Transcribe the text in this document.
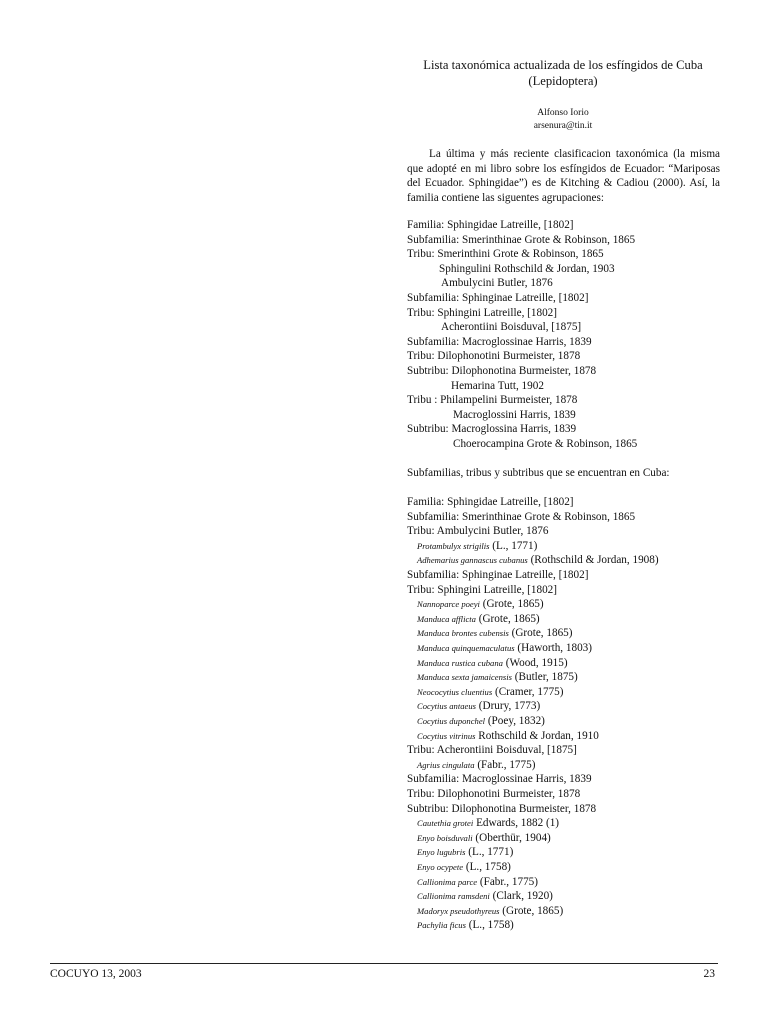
Lista taxonómica actualizada de los esfíngidos de Cuba (Lepidoptera)
Alfonso Iorio
arsenura@tin.it
La última y más reciente clasificacion taxonómica (la misma que adopté en mi libro sobre los esfíngidos de Ecuador: “Mariposas del Ecuador. Sphingidae”) es de Kitching & Cadiou (2000). Así, la familia contiene las siguentes agrupaciones:
Familia: Sphingidae Latreille, [1802]
Subfamilia: Smerinthinae Grote & Robinson, 1865
Tribu: Smerinthini Grote & Robinson, 1865
Sphingulini Rothschild & Jordan, 1903
Ambulycini Butler, 1876
Subfamilia: Sphinginae Latreille, [1802]
Tribu: Sphingini Latreille, [1802]
Acherontiini Boisduval, [1875]
Subfamilia: Macroglossinae Harris, 1839
Tribu: Dilophonotini Burmeister, 1878
Subtribu: Dilophonotina Burmeister, 1878
Hemarina Tutt, 1902
Tribu : Philampelini Burmeister, 1878
Macroglossini Harris, 1839
Subtribu: Macroglossina Harris, 1839
Choerocampina Grote & Robinson, 1865
Subfamilias, tribus y subtribus que se encuentran en Cuba:
Familia: Sphingidae Latreille, [1802]
Subfamilia: Smerinthinae Grote & Robinson, 1865
Tribu: Ambulycini Butler, 1876
Protambulyx strigilis (L., 1771)
Adhemarius gannascus cubanus (Rothschild & Jordan, 1908)
Subfamilia: Sphinginae Latreille, [1802]
Tribu: Sphingini Latreille, [1802]
Nannoparce poeyi (Grote, 1865)
Manduca afflicta (Grote, 1865)
Manduca brontes cubensis (Grote, 1865)
Manduca quinquemaculatus (Haworth, 1803)
Manduca rustica cubana (Wood, 1915)
Manduca sexta jamaicensis (Butler, 1875)
Neococytius cluentius (Cramer, 1775)
Cocytius antaeus (Drury, 1773)
Cocytius duponchel (Poey, 1832)
Cocytius vitrinus Rothschild & Jordan, 1910
Tribu: Acherontiini Boisduval, [1875]
Agrius cingulata (Fabr., 1775)
Subfamilia: Macroglossinae Harris, 1839
Tribu: Dilophonotini Burmeister, 1878
Subtribu: Dilophonotina Burmeister, 1878
Cautethia grotei Edwards, 1882 (1)
Enyo boisduvali (Oberthür, 1904)
Enyo lugubris (L., 1771)
Enyo ocypete (L., 1758)
Callionima parce (Fabr., 1775)
Callionima ramsdeni (Clark, 1920)
Madoryx pseudothyreus (Grote, 1865)
Pachylia ficus (L., 1758)
COCUYO 13, 2003	23
